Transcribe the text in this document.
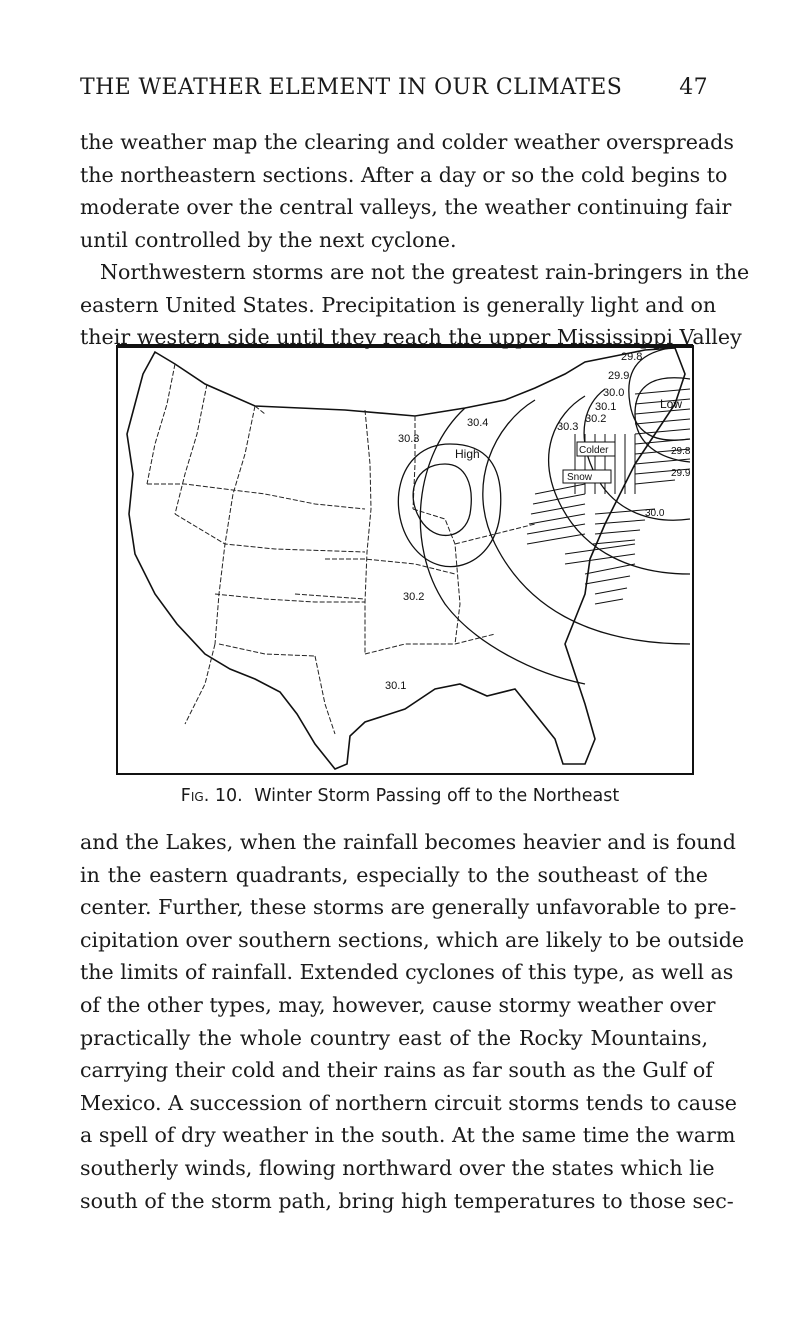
THE WEATHER ELEMENT IN OUR CLIMATES	47
the weather map the clearing and colder weather overspreads
the northeastern sections. After a day or so the cold begins to
moderate over the central valleys, the weather continuing fair
until controlled by the next cyclone.
Northwestern storms are not the greatest rain-bringers in the
eastern United States. Precipitation is generally light and on
their western side until they reach the upper Mississippi Valley
29.8
29.9
30.0
30.1
30.2
30.3
30.4
Low
High	Colder
Snow
29.8
29.9
30.0
30.3
30.2
30.1
Fig. 10. Winter Storm Passing off to the Northeast
and the Lakes, when the rainfall becomes heavier and is found
in the eastern quadrants, especially to the southeast of the
center. Further, these storms are generally unfavorable to pre-
cipitation over southern sections, which are likely to be outside
the limits of rainfall. Extended cyclones of this type, as well as
of the other types, may, however, cause stormy weather over
practically the whole country east of the Rocky Mountains,
carrying their cold and their rains as far south as the Gulf of
Mexico. A succession of northern circuit storms tends to cause
a spell of dry weather in the south. At the same time the warm
southerly winds, flowing northward over the states which lie
south of the storm path, bring high temperatures to those sec-
